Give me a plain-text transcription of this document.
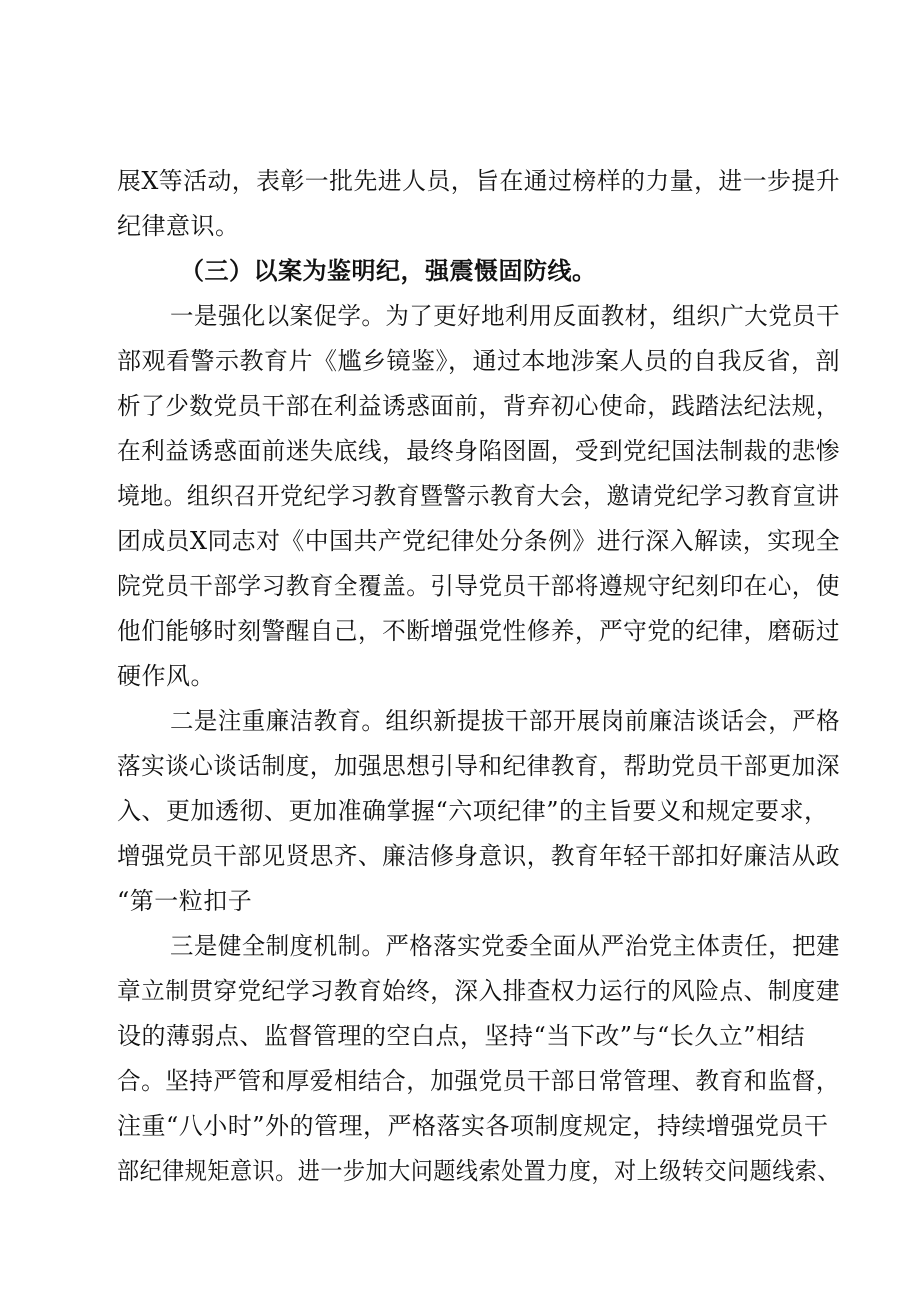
展X等活动，表彰一批先进人员，旨在通过榜样的力量，进一步提升
纪律意识。
（三）以案为鉴明纪，强震慑固防线。
一是强化以案促学。为了更好地利用反面教材，组织广大党员干
部观看警示教育片《尴乡镜鉴》，通过本地涉案人员的自我反省，剖
析了少数党员干部在利益诱惑面前，背弃初心使命，践踏法纪法规，
在利益诱惑面前迷失底线，最终身陷囹圄，受到党纪国法制裁的悲惨
境地。组织召开党纪学习教育暨警示教育大会，邀请党纪学习教育宣讲
团成员X同志对《中国共产党纪律处分条例》进行深入解读，实现全
院党员干部学习教育全覆盖。引导党员干部将遵规守纪刻印在心，使
他们能够时刻警醒自己，不断增强党性修养，严守党的纪律，磨砺过
硬作风。
二是注重廉洁教育。组织新提拔干部开展岗前廉洁谈话会，严格
落实谈心谈话制度，加强思想引导和纪律教育，帮助党员干部更加深
入、更加透彻、更加准确掌握“六项纪律”的主旨要义和规定要求，
增强党员干部见贤思齐、廉洁修身意识，教育年轻干部扣好廉洁从政
“第一粒扣子
三是健全制度机制。严格落实党委全面从严治党主体责任，把建
章立制贯穿党纪学习教育始终，深入排查权力运行的风险点、制度建
设的薄弱点、监督管理的空白点，坚持“当下改”与“长久立”相结
合。坚持严管和厚爱相结合，加强党员干部日常管理、教育和监督，
注重“八小时”外的管理，严格落实各项制度规定，持续增强党员干
部纪律规矩意识。进一步加大问题线索处置力度，对上级转交问题线索、
